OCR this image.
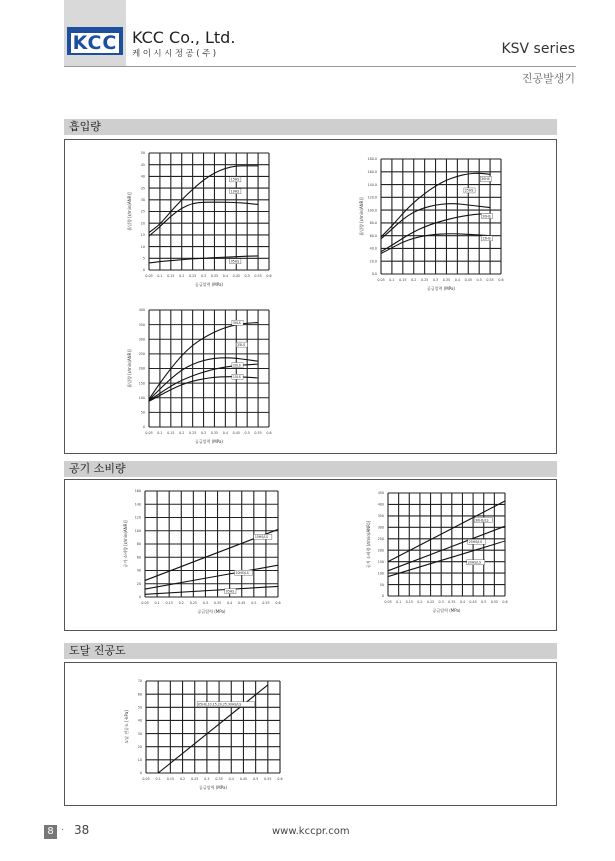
KCC KCC Co., Ltd.
케이시시정공(주)	KSV series
진공발생기
흡입량
공기 소비량
도달 진공도
0.05 0.1 0.15 0.2 0.25 0.3 0.35 0.4 0.45 0.5 0.55 0.6
0
5
10
15
20
25
30
35
40
45
50
공급압력 (MPa)
흡입량 [ℓ/min(ANR)]
15HS
10HS
05HS
0.05 0.1 0.15 0.2 0.25 0.3 0.35 0.4 0.45 0.5 0.55 0.6
0.0
20.0
40.0
60.0
80.0
100.0
120.0
140.0
160.0
180.0
공급압력 (MPa)
흡입량 [ℓ/min(ANR)]
30HS
25HS
20HS
15HS
0.05 0.1 0.15 0.2 0.25 0.3 0.35 0.4 0.45 0.5 0.55 0.6
0
50
100
150
200
250
300
350
400
공급압력 (MPa)
흡입량 [ℓ/min(ANR)]
30LS
25LS
20LS
15LS
0.05 0.1 0.15 0.2 0.25 0.3 0.35 0.4 0.45 0.5 0.55 0.6
0
20
40
60
80
100
120
140
160
공급압력 (MPa)
공기 소비량 [ℓ/min(ANR)]	15HS/LS
10HS/LS
05HS
0.05 0.1 0.15 0.2 0.25 0.3 0.35 0.4 0.45 0.5 0.55 0.6
0
50
100
150
200
250
300
350
400
450
공급압력 (MPa)
공기 소비량 [ℓ/min(ANR)]
30HS/LS
25HS/LS
20HS/LS
0.05 0.1 0.15 0.2 0.25 0.3 0.35 0.4 0.45 0.5 0.55 0.6
0
10
20
30
40
50
60
70
공급압력 (MPa)
도달 진공도 [-kPa]
05HS,10,15,20,25,30HS/LS
8 · 38	www.kccpr.com
